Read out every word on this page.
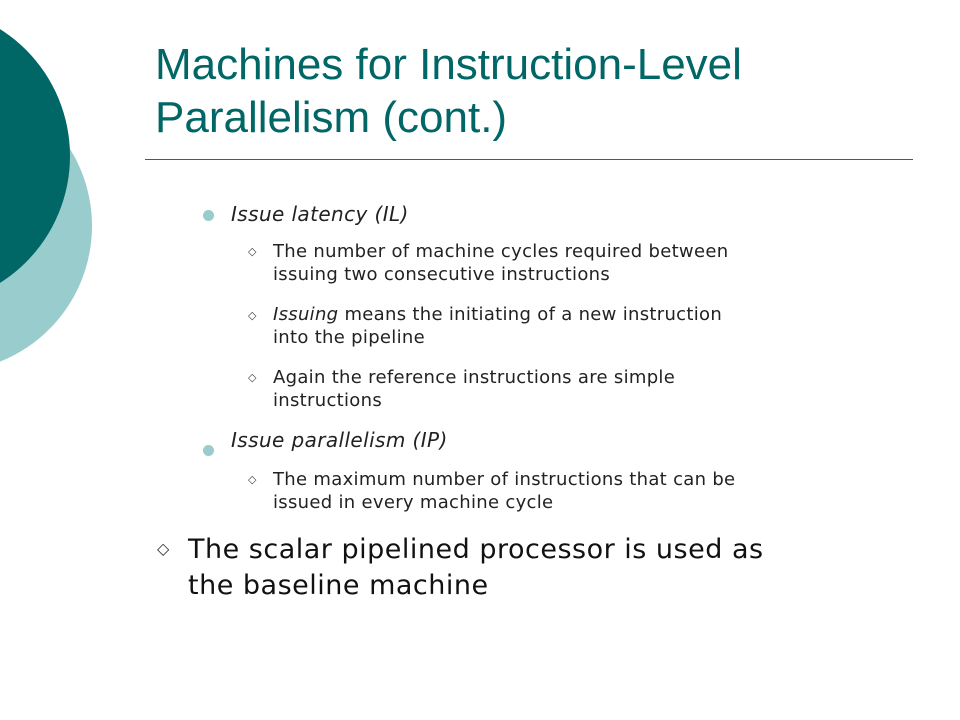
Machines for Instruction-Level
Parallelism (cont.)

Issue latency (IL)

◇ The number of machine cycles required between
issuing two consecutive instructions

◇ Issuing means the initiating of a new instruction
into the pipeline

◇ Again the reference instructions are simple
instructions

Issue parallelism (IP)

◇ The maximum number of instructions that can be
issued in every machine cycle

◇ The scalar pipelined processor is used as
the baseline machine
